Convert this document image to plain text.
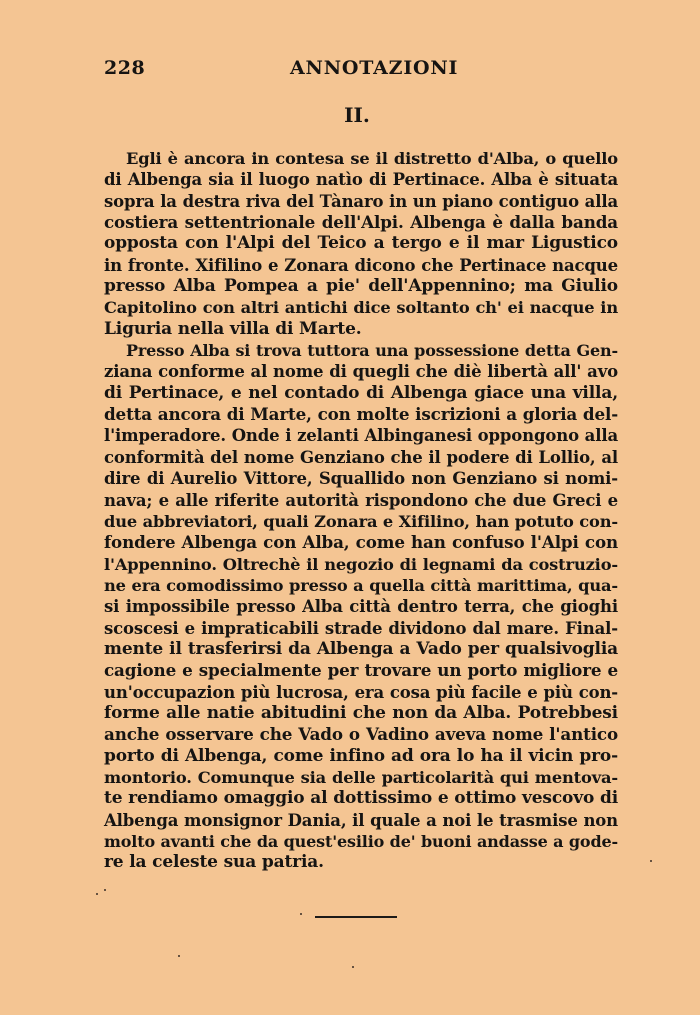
228	ANNOTAZIONI
II.
Egli è ancora in contesa se il distretto d'Alba, o quello
di Albenga sia il luogo natìo di Pertinace. Alba è situata
sopra la destra riva del Tànaro in un piano contiguo alla
costiera settentrionale dell'Alpi. Albenga è dalla banda
opposta con l'Alpi del Teico a tergo e il mar Ligustico
in fronte. Xifilino e Zonara dicono che Pertinace nacque
presso Alba Pompea a pie' dell'Appennino; ma Giulio
Capitolino con altri antichi dice soltanto ch' ei nacque in
Liguria nella villa di Marte.
Presso Alba si trova tuttora una possessione detta Gen-
ziana conforme al nome di quegli che diè libertà all' avo
di Pertinace, e nel contado di Albenga giace una villa,
detta ancora di Marte, con molte iscrizioni a gloria del-
l'imperadore. Onde i zelanti Albinganesi oppongono alla
conformità del nome Genziano che il podere di Lollio, al
dire di Aurelio Vittore, Squallido non Genziano si nomi-
nava; e alle riferite autorità rispondono che due Greci e
due abbreviatori, quali Zonara e Xifilino, han potuto con-
fondere Albenga con Alba, come han confuso l'Alpi con
l'Appennino. Oltrechè il negozio di legnami da costruzio-
ne era comodissimo presso a quella città marittima, qua-
si impossibile presso Alba città dentro terra, che gioghi
scoscesi e impraticabili strade dividono dal mare. Final-
mente il trasferirsi da Albenga a Vado per qualsivoglia
cagione e specialmente per trovare un porto migliore e
un'occupazion più lucrosa, era cosa più facile e più con-
forme alle natie abitudini che non da Alba. Potrebbesi
anche osservare che Vado o Vadino aveva nome l'antico
porto di Albenga, come infino ad ora lo ha il vicin pro-
montorio. Comunque sia delle particolarità qui mentova-
te rendiamo omaggio al dottissimo e ottimo vescovo di
Albenga monsignor Dania, il quale a noi le trasmise non
molto avanti che da quest'esilio de' buoni andasse a gode-
re la celeste sua patria.
